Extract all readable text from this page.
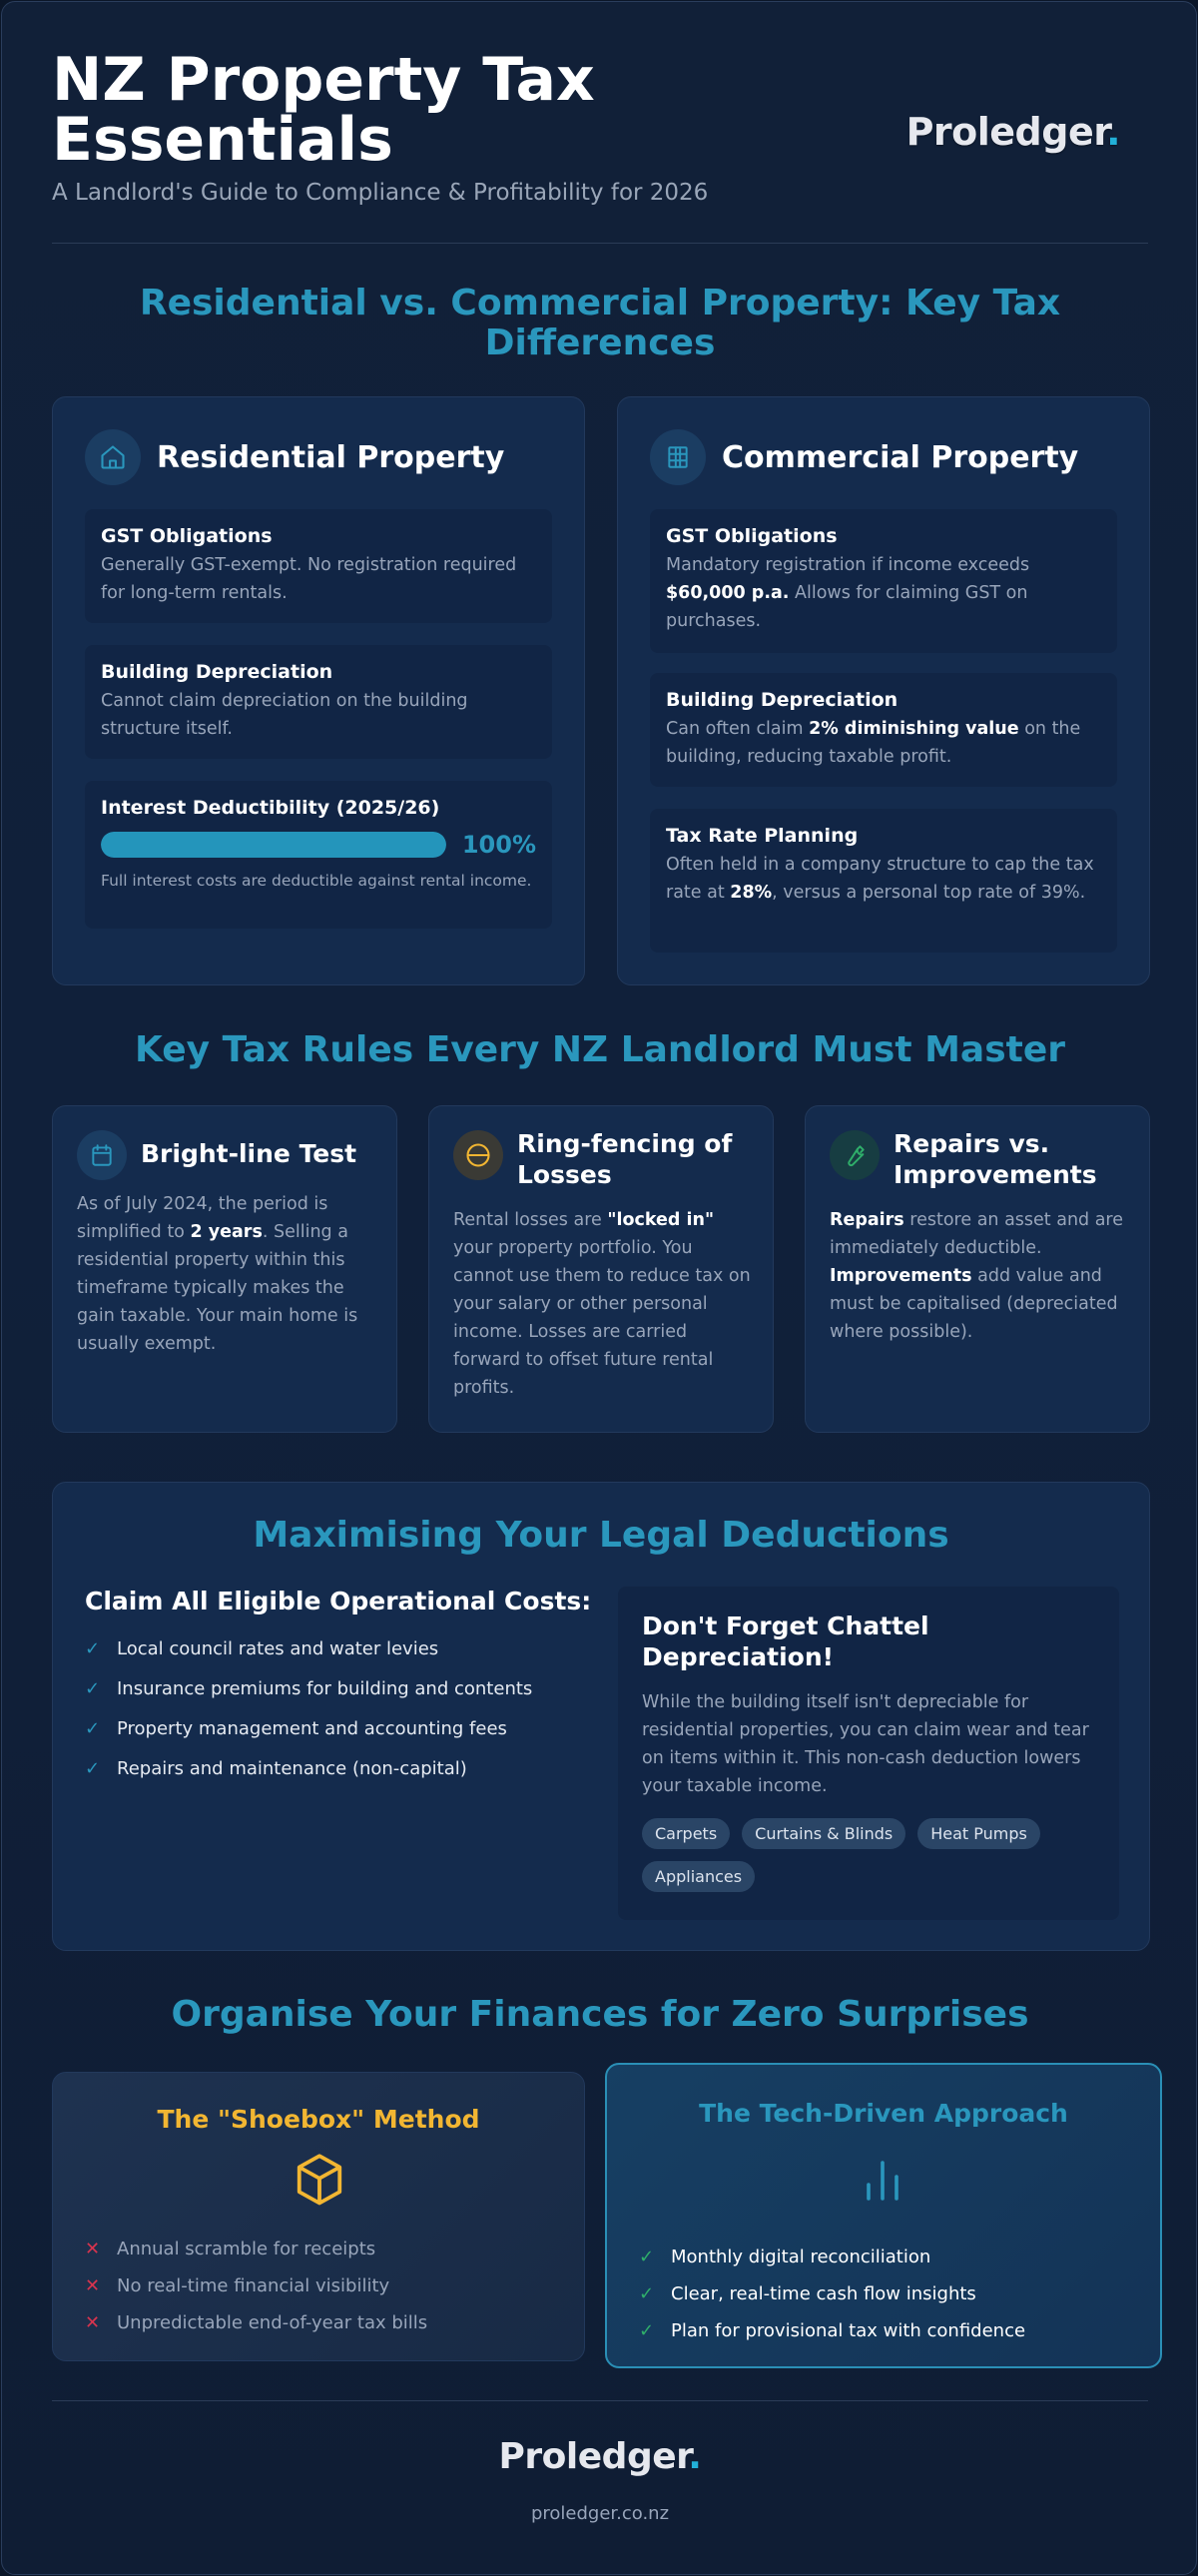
NZ Property Tax Essentials
A Landlord's Guide to Compliance & Profitability for 2026
Proledger.
Residential vs. Commercial Property: Key Tax Differences
Residential Property
GST Obligations
Generally GST-exempt. No registration required for long-term rentals.
Building Depreciation
Cannot claim depreciation on the building structure itself.
Interest Deductibility (2025/26)
100%
Full interest costs are deductible against rental income.
Commercial Property
GST Obligations
Mandatory registration if income exceeds $60,000 p.a. Allows for claiming GST on purchases.
Building Depreciation
Can often claim 2% diminishing value on the building, reducing taxable profit.
Tax Rate Planning
Often held in a company structure to cap the tax rate at 28%, versus a personal top rate of 39%.
Key Tax Rules Every NZ Landlord Must Master
Bright-line Test
As of July 2024, the period is simplified to 2 years. Selling a residential property within this timeframe typically makes the gain taxable. Your main home is usually exempt.
Ring-fencing of Losses
Rental losses are "locked in" your property portfolio. You cannot use them to reduce tax on your salary or other personal income. Losses are carried forward to offset future rental profits.
Repairs vs. Improvements
Repairs restore an asset and are immediately deductible. Improvements add value and must be capitalised (depreciated where possible).
Maximising Your Legal Deductions
Claim All Eligible Operational Costs:
✓ Local council rates and water levies
✓ Insurance premiums for building and contents
✓ Property management and accounting fees
✓ Repairs and maintenance (non-capital)
Don't Forget Chattel Depreciation!
While the building itself isn't depreciable for residential properties, you can claim wear and tear on items within it. This non-cash deduction lowers your taxable income.
Carpets	Curtains & Blinds	Heat Pumps
Appliances
Organise Your Finances for Zero Surprises
The "Shoebox" Method
✕ Annual scramble for receipts
✕ No real-time financial visibility
✕ Unpredictable end-of-year tax bills
The Tech-Driven Approach
✓ Monthly digital reconciliation
✓ Clear, real-time cash flow insights
✓ Plan for provisional tax with confidence
Proledger.
proledger.co.nz
